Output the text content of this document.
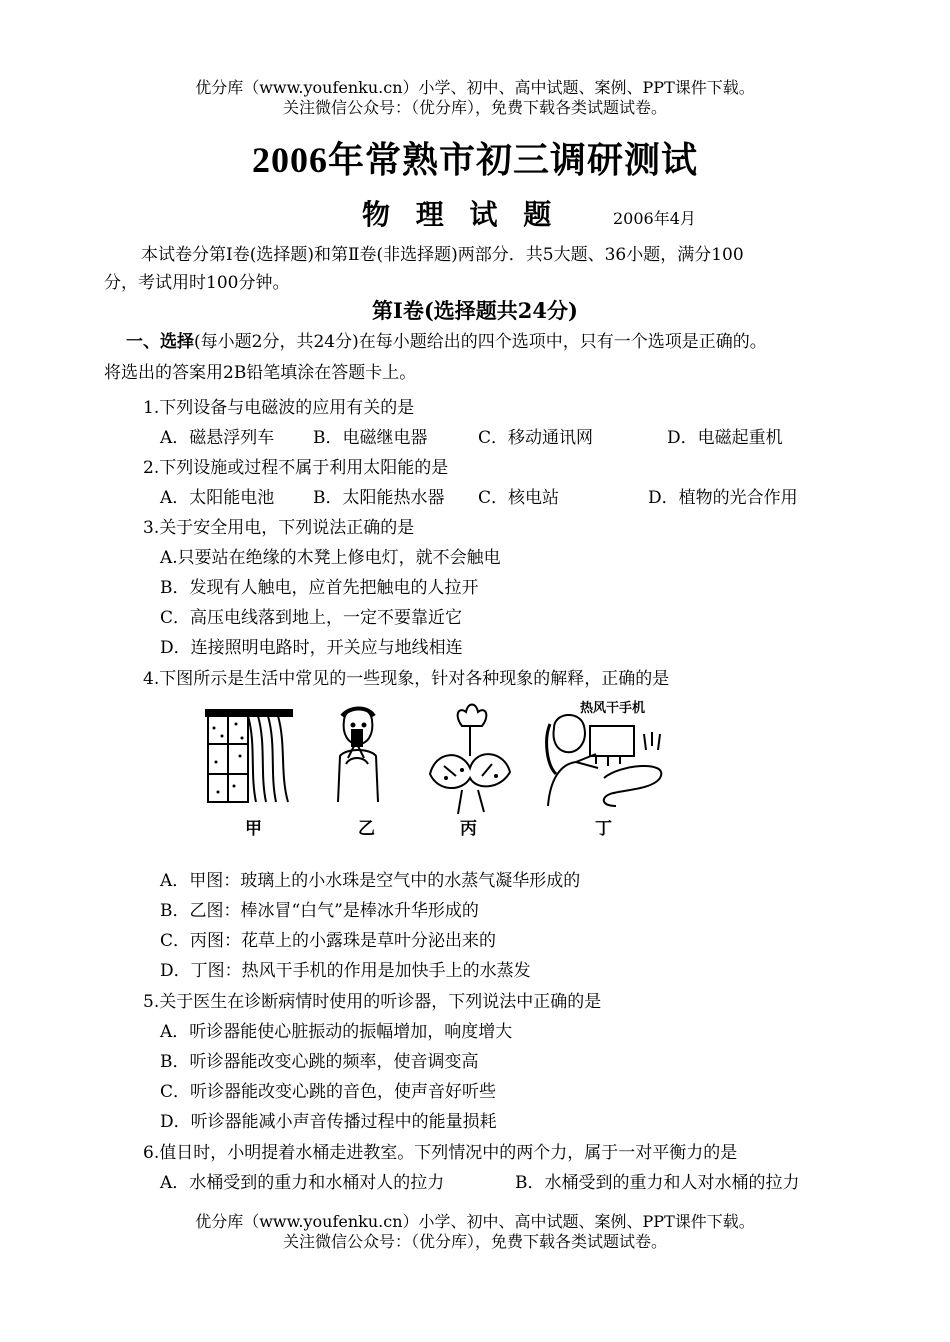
优分库（www.youfenku.cn）小学、初中、高中试题、案例、PPT课件下载。
关注微信公众号：（优分库），免费下载各类试题试卷。
2006年常熟市初三调研测试
物 理 试 题	2006年4月
本试卷分第Ⅰ卷(选择题)和第Ⅱ卷(非选择题)两部分．共5大题、36小题，满分100
分，考试用时100分钟。
第Ⅰ卷(选择题共24分)
一、选择(每小题2分，共24分)在每小题给出的四个选项中，只有一个选项是正确的。
将选出的答案用2B铅笔填涂在答题卡上。
1.下列设备与电磁波的应用有关的是
A．磁悬浮列车 B．电磁继电器	C．移动通讯网	D．电磁起重机
2.下列设施或过程不属于利用太阳能的是
A．太阳能电池 B．太阳能热水器 C．核电站	D．植物的光合作用
3.关于安全用电，下列说法正确的是
A.只要站在绝缘的木凳上修电灯，就不会触电
B．发现有人触电，应首先把触电的人拉开
C．高压电线落到地上，一定不要靠近它
D．连接照明电路时，开关应与地线相连
4.下图所示是生活中常见的一些现象，针对各种现象的解释，正确的是
热风干手机
甲	乙	丙	丁
A．甲图：玻璃上的小水珠是空气中的水蒸气凝华形成的
B．乙图：棒冰冒“白气”是棒冰升华形成的
C．丙图：花草上的小露珠是草叶分泌出来的
D．丁图：热风干手机的作用是加快手上的水蒸发
5.关于医生在诊断病情时使用的听诊器，下列说法中正确的是
A．听诊器能使心脏振动的振幅增加，响度增大
B．听诊器能改变心跳的频率，使音调变高
C．听诊器能改变心跳的音色，使声音好听些
D．听诊器能减小声音传播过程中的能量损耗
6.值日时，小明提着水桶走进教室。下列情况中的两个力，属于一对平衡力的是
A．水桶受到的重力和水桶对人的拉力	B．水桶受到的重力和人对水桶的拉力
优分库（www.youfenku.cn）小学、初中、高中试题、案例、PPT课件下载。
关注微信公众号：（优分库），免费下载各类试题试卷。
